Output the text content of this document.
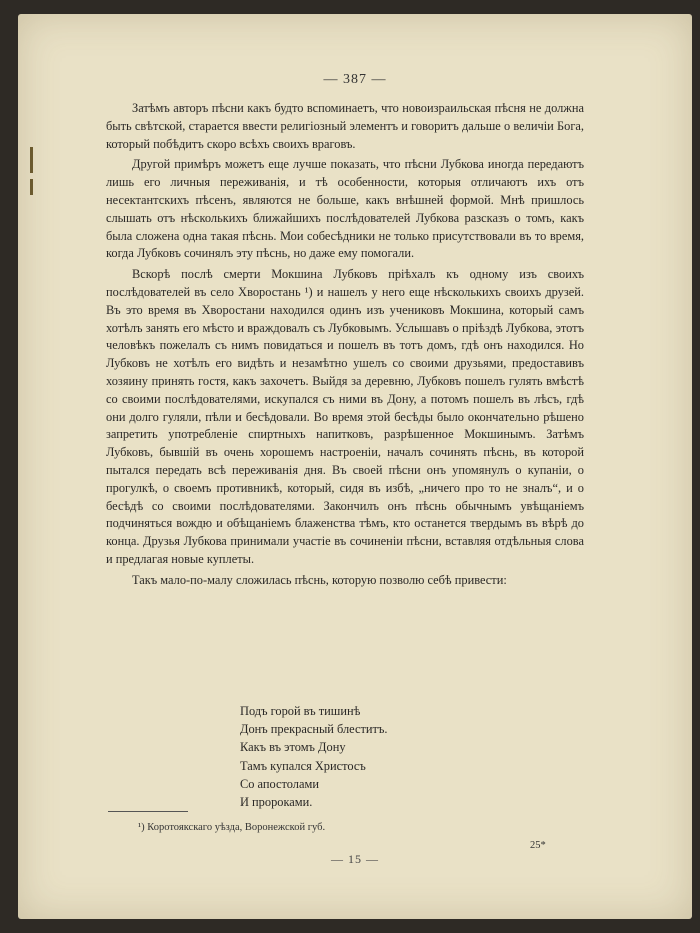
— 387 —

Затѣмъ авторъ пѣсни какъ будто вспоминаетъ, что новоизраильская пѣсня не должна быть свѣтской, старается ввести религіозный элементъ и говоритъ дальше о величіи Бога, который побѣдитъ скоро всѣхъ своихъ враговъ.

Другой примѣръ можетъ еще лучше показать, что пѣсни Лубкова иногда передаютъ лишь его личныя переживанія, и тѣ особенности, которыя отличаютъ ихъ отъ несектантскихъ пѣсенъ, являются не больше, какъ внѣшней формой. Мнѣ пришлось слышать отъ нѣсколькихъ ближайшихъ послѣдователей Лубкова разсказъ о томъ, какъ была сложена одна такая пѣснь. Мои собесѣдники не только присутствовали въ то время, когда Лубковъ сочинялъ эту пѣснь, но даже ему помогали.

Вскорѣ послѣ смерти Мокшина Лубковъ пріѣхалъ къ одному изъ своихъ послѣдователей въ село Хворостань ¹) и нашелъ у него еще нѣсколькихъ своихъ друзей. Въ это время въ Хворостани находился одинъ изъ учениковъ Мокшина, который самъ хотѣлъ занять его мѣсто и враждовалъ съ Лубковымъ. Услышавъ о пріѣздѣ Лубкова, этотъ человѣкъ пожелалъ съ нимъ повидаться и пошелъ въ тотъ домъ, гдѣ онъ находился. Но Лубковъ не хотѣлъ его видѣть и незамѣтно ушелъ со своими друзьями, предоставивъ хозяину принять гостя, какъ захочетъ. Выйдя за деревню, Лубковъ пошелъ гулять вмѣстѣ со своими послѣдователями, искупался съ ними въ Дону, а потомъ пошелъ въ лѣсъ, гдѣ они долго гуляли, пѣли и бесѣдовали. Во время этой бесѣды было окончательно рѣшено запретить употребленіе спиртныхъ напитковъ, разрѣшенное Мокшинымъ. Затѣмъ Лубковъ, бывшій въ очень хорошемъ настроеніи, началъ сочинять пѣснь, въ которой пытался передать всѣ переживанія дня. Въ своей пѣсни онъ упомянулъ о купаніи, о прогулкѣ, о своемъ противникѣ, который, сидя въ избѣ, „ничего про то не зналъ“, и о бесѣдѣ со своими послѣдователями. Закончилъ онъ пѣснь обычнымъ увѣщаніемъ подчиняться вождю и обѣщаніемъ блаженства тѣмъ, кто останется твердымъ въ вѣрѣ до конца. Друзья Лубкова принимали участіе въ сочиненіи пѣсни, вставляя отдѣльныя слова и предлагая новые куплеты.

Такъ мало-по-малу сложилась пѣснь, которую позволю себѣ привести:

Подъ горой въ тишинѣ
Донъ прекрасный блеститъ.
Какъ въ этомъ Дону
Тамъ купался Христосъ
Со апостолами
И пророками.
¹) Коротоякскаго уѣзда, Воронежской губ.
25*
— 15 —
